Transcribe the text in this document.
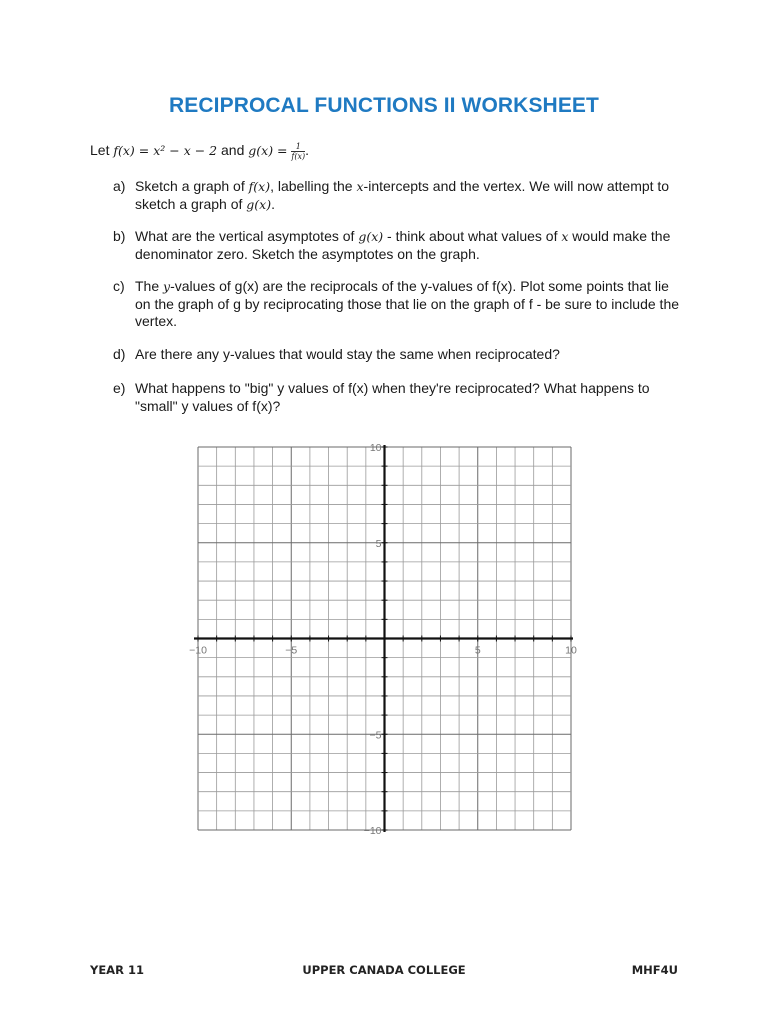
RECIPROCAL FUNCTIONS II WORKSHEET
Let f(x) = x² − x − 2 and $g(x) = \frac{1}{f(x)}$ .
a) Sketch a graph of f(x), labelling the x-intercepts and the vertex. We will now attempt to sketch a graph of g(x).
b) What are the vertical asymptotes of g(x) - think about what values of x would make the denominator zero. Sketch the asymptotes on the graph.
c) The y-values of g(x) are the reciprocals of the y-values of f(x). Plot some points that lie on the graph of g by reciprocating those that lie on the graph of f - be sure to include the vertex.
d) Are there any y-values that would stay the same when reciprocated?
e) What happens to "big" y values of f(x) when they're reciprocated? What happens to "small" y values of f(x)?
−10	−5	5	10
10
5
−5
−10
YEAR 11	UPPER CANADA COLLEGE	MHF4U
